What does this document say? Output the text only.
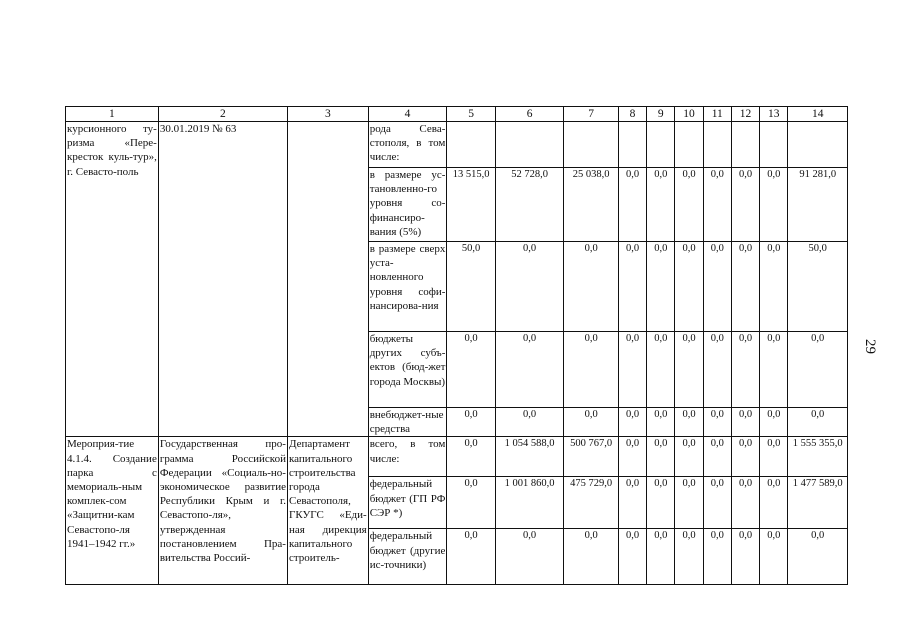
1	2	3	4	5	6	7	8	9	10	11	12	13	14
курсионного ту-ризма «Пере-кресток куль-тур», г. Севасто-поль	30.01.2019 № 63		рода Сева-стополя, в том числе:										
			в размере ус-тановленно-го уровня со-финансиро-вания (5%)	13 515,0	52 728,0	25 038,0	0,0	0,0	0,0	0,0	0,0	0,0	91 281,0
			в размере сверх уста-новленного уровня софи-нансирова-ния	50,0	0,0	0,0	0,0	0,0	0,0	0,0	0,0	0,0	50,0
			бюджеты других субъ-ектов (бюд-жет города Москвы)	0,0	0,0	0,0	0,0	0,0	0,0	0,0	0,0	0,0	0,0
			внебюджет-ные средства	0,0	0,0	0,0	0,0	0,0	0,0	0,0	0,0	0,0	0,0
Мероприя-тие 4.1.4. Создание парка с мемориаль-ным комплек-сом «Защитни-кам Севастопо-ля 1941–1942 гг.»	Государственная про-грамма Российской Федерации «Социаль-но-экономическое развитие Республики Крым и г. Севастопо-ля», утвержденная постановлением Пра-вительства Россий-	Департамент капитального строительства города Севастополя, ГКУГС «Еди-ная дирекция капитального строитель-	всего, в том числе:	0,0	1 054 588,0	500 767,0	0,0	0,0	0,0	0,0	0,0	0,0	1 555 355,0
			федеральный бюджет (ГП РФ СЭР *)	0,0	1 001 860,0	475 729,0	0,0	0,0	0,0	0,0	0,0	0,0	1 477 589,0
			федеральный бюджет (другие ис-точники)	0,0	0,0	0,0	0,0	0,0	0,0	0,0	0,0	0,0	0,0
29
